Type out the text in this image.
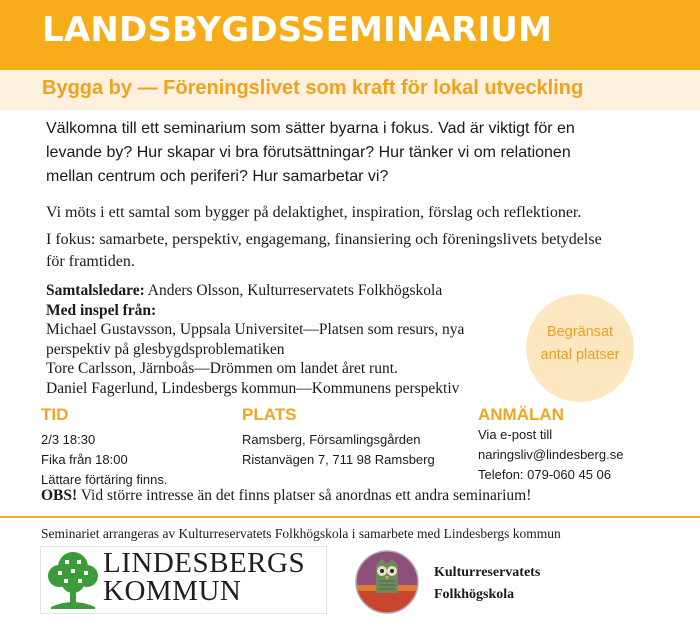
LANDSBYGDSSEMINARIUM
Bygga by — Föreningslivet som kraft för lokal utveckling
Välkomna till ett seminarium som sätter byarna i fokus. Vad är viktigt för en
levande by? Hur skapar vi bra förutsättningar? Hur tänker vi om relationen
mellan centrum och periferi? Hur samarbetar vi?
Vi möts i ett samtal som bygger på delaktighet, inspiration, förslag och reflektioner.
I fokus: samarbete, perspektiv, engagemang, finansiering och föreningslivets betydelse
för framtiden.
Samtalsledare: Anders Olsson, Kulturreservatets Folkhögskola
Med inspel från:
Michael Gustavsson, Uppsala Universitet—Platsen som resurs, nya
perspektiv på glesbygdsproblematiken
Tore Carlsson, Järnboås—Drömmen om landet året runt.
Daniel Fagerlund, Lindesbergs kommun—Kommunens perspektiv
Begränsat
antal platser
TID
2/3 18:30
Fika från 18:00
Lättare förtäring finns.
PLATS
Ramsberg, Församlingsgården
Ristanvägen 7, 711 98 Ramsberg
ANMÄLAN
Via e-post till
naringsliv@lindesberg.se
Telefon: 079-060 45 06
OBS! Vid större intresse än det finns platser så anordnas ett andra seminarium!
Seminariet arrangeras av Kulturreservatets Folkhögskola i samarbete med Lindesbergs kommun
LINDESBERGS
KOMMUN
Kulturreservatets
Folkhögskola
